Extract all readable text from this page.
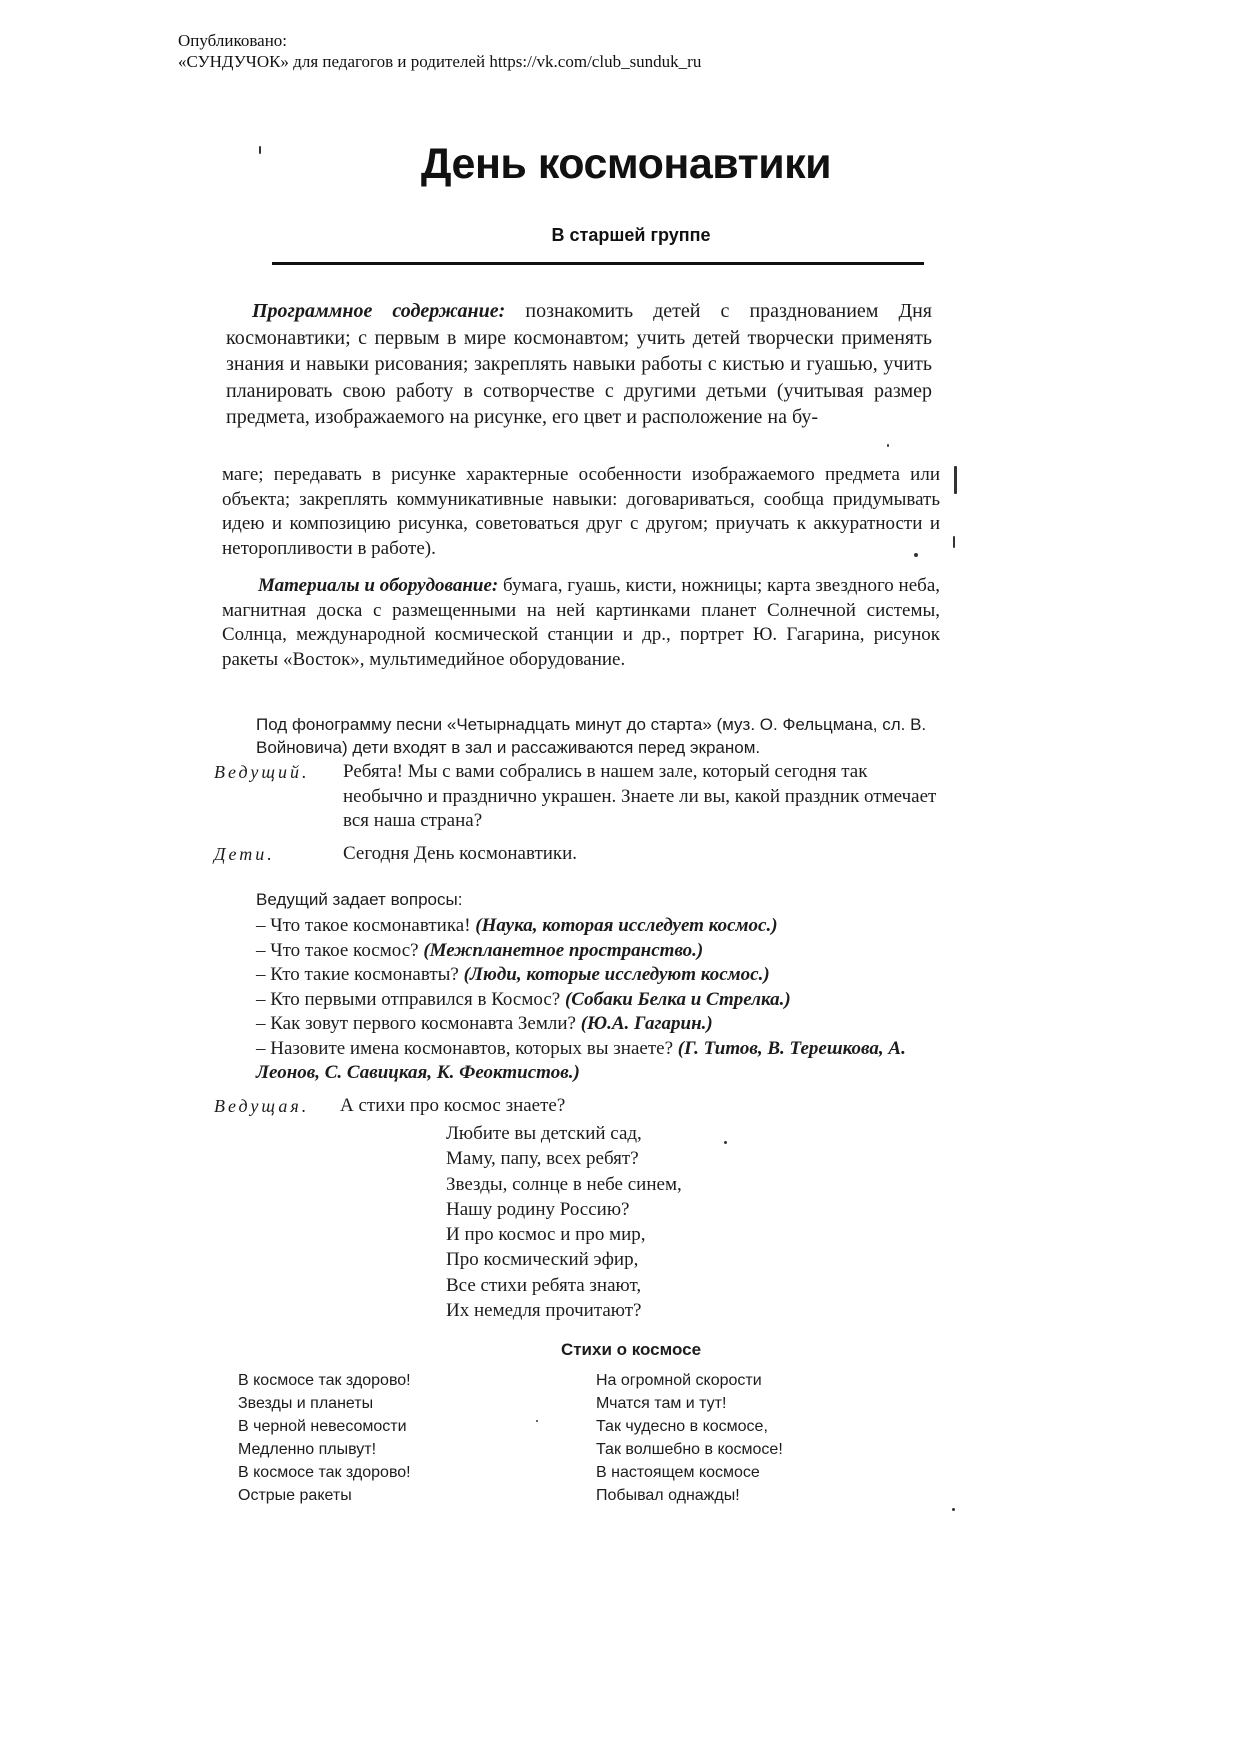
Опубликовано:
«СУНДУЧОК» для педагогов и родителей https://vk.com/club_sunduk_ru
День космонавтики
В старшей группе
Программное содержание: познакомить детей с празднованием Дня космонавтики; с первым в мире космонавтом; учить детей творчески применять знания и навыки рисования; закреплять навыки работы с кистью и гуашью, учить планировать свою работу в сотворчестве с другими детьми (учитывая размер предмета, изображаемого на рисунке, его цвет и расположение на бу-
маге; передавать в рисунке характерные особенности изображаемого предмета или объекта; закреплять коммуникативные навыки: договариваться, сообща придумывать идею и композицию рисунка, советоваться друг с другом; приучать к аккуратности и неторопливости в работе).
Материалы и оборудование: бумага, гуашь, кисти, ножницы; карта звездного неба, магнитная доска с размещенными на ней картинками планет Солнечной системы, Солнца, международной космической станции и др., портрет Ю. Гагарина, рисунок ракеты «Восток», мультимедийное оборудование.
Под фонограмму песни «Четырнадцать минут до старта» (муз. О. Фельцмана, сл. В. Войновича) дети входят в зал и рассаживаются перед экраном.
Ведущий. Ребята! Мы с вами собрались в нашем зале, который сегодня так необычно и празднично украшен. Знаете ли вы, какой праздник отмечает вся наша страна?
Дети.	Сегодня День космонавтики.
Ведущий задает вопросы:
– Что такое космонавтика! (Наука, которая исследует космос.)
– Что такое космос? (Межпланетное пространство.)
– Кто такие космонавты? (Люди, которые исследуют космос.)
– Кто первыми отправился в Космос? (Собаки Белка и Стрелка.)
– Как зовут первого космонавта Земли? (Ю.А. Гагарин.)
– Назовите имена космонавтов, которых вы знаете? (Г. Титов, В. Терешкова, А. Леонов, С. Савицкая, К. Феоктистов.)
Ведущая. А стихи про космос знаете?
Любите вы детский сад,
Маму, папу, всех ребят?
Звезды, солнце в небе синем,
Нашу родину Россию?
И про космос и про мир,
Про космический эфир,
Все стихи ребята знают,
Их немедля прочитают?
Стихи о космосе
В космосе так здорово!
Звезды и планеты
В черной невесомости
Медленно плывут!
В космосе так здорово!
Острые ракеты
На огромной скорости
Мчатся там и тут!
Так чудесно в космосе,
Так волшебно в космосе!
В настоящем космосе
Побывал однажды!
